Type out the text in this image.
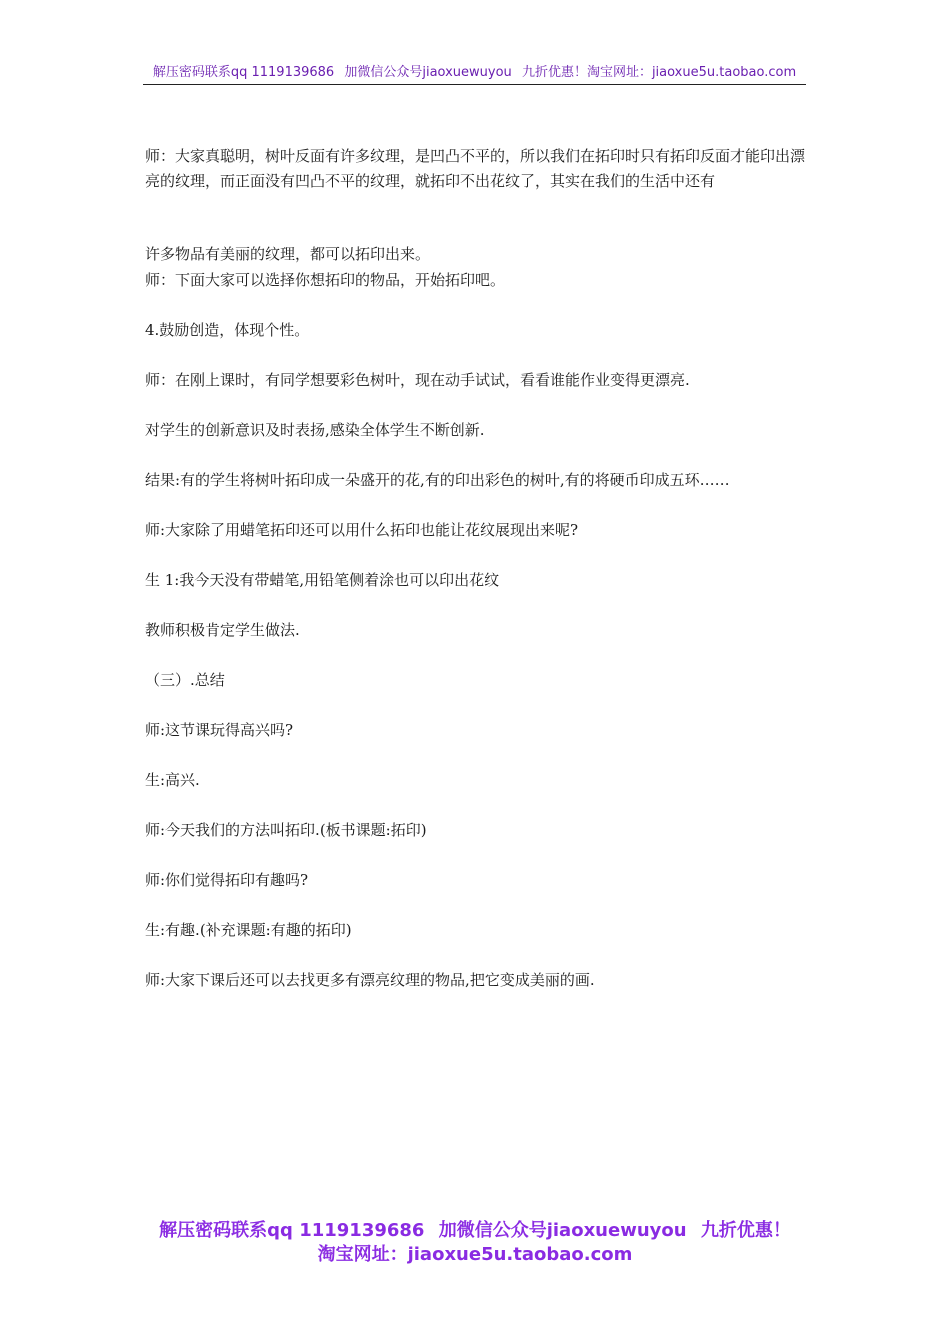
解压密码联系qq 1119139686 加微信公众号jiaoxuewuyou 九折优惠！淘宝网址：jiaoxue5u.taobao.com
师：大家真聪明，树叶反面有许多纹理，是凹凸不平的，所以我们在拓印时只有拓印反面才能印出漂亮的纹理，而正面没有凹凸不平的纹理，就拓印不出花纹了，其实在我们的生活中还有
许多物品有美丽的纹理，都可以拓印出来。
师：下面大家可以选择你想拓印的物品，开始拓印吧。
4.鼓励创造，体现个性。
师：在刚上课时，有同学想要彩色树叶，现在动手试试，看看谁能作业变得更漂亮.
对学生的创新意识及时表扬,感染全体学生不断创新.
结果:有的学生将树叶拓印成一朵盛开的花,有的印出彩色的树叶,有的将硬币印成五环……
师:大家除了用蜡笔拓印还可以用什么拓印也能让花纹展现出来呢?
生 1:我今天没有带蜡笔,用铅笔侧着涂也可以印出花纹
教师积极肯定学生做法.
（三）.总结
师:这节课玩得高兴吗?
生:高兴.
师:今天我们的方法叫拓印.(板书课题:拓印)
师:你们觉得拓印有趣吗?
生:有趣.(补充课题:有趣的拓印)
师:大家下课后还可以去找更多有漂亮纹理的物品,把它变成美丽的画.
解压密码联系qq 1119139686 加微信公众号jiaoxuewuyou 九折优惠！
淘宝网址：jiaoxue5u.taobao.com
